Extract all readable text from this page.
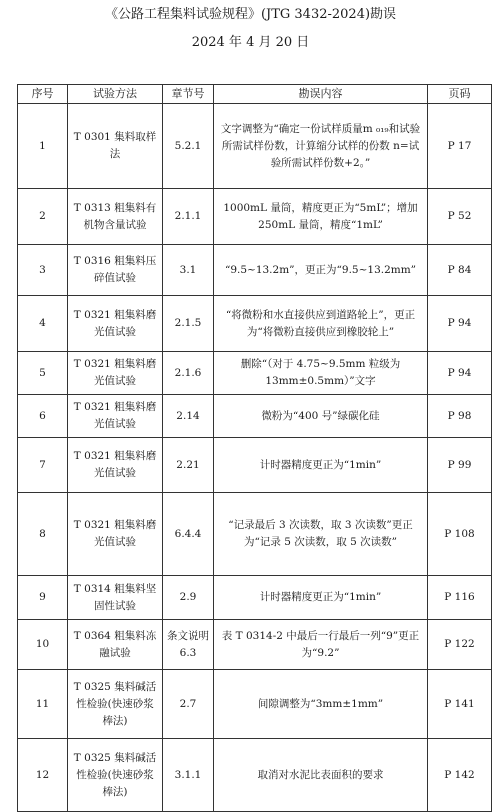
《公路工程集料试验规程》(JTG 3432-2024)勘误
2024 年 4 月 20 日
序号	试验方法	章节号	勘误内容	页码
1	T 0301 集料取样法	5.2.1	文字调整为“确定一份试样质量m ₀₁₉和试验所需试样份数，计算缩分试样的份数 n=试验所需试样份数+2。”	P 17
2	T 0313 粗集料有机物含量试验	2.1.1	1000mL 量筒，精度更正为“5mL”；增加 250mL 量筒，精度“1mL”	P 52
3	T 0316 粗集料压碎值试验	3.1	“9.5~13.2m”，更正为“9.5~13.2mm”	P 84
4	T 0321 粗集料磨光值试验	2.1.5	“将微粉和水直接供应到道路轮上”，更正为“将微粉直接供应到橡胶轮上”	P 94
5	T 0321 粗集料磨光值试验	2.1.6	删除“（对于 4.75~9.5mm 粒级为 13mm±0.5mm）”文字	P 94
6	T 0321 粗集料磨光值试验	2.14	微粉为“400 号”绿碳化硅	P 98
7	T 0321 粗集料磨光值试验	2.21	计时器精度更正为“1min”	P 99
8	T 0321 粗集料磨光值试验	6.4.4	“记录最后 3 次读数，取 3 次读数”更正为“记录 5 次读数，取 5 次读数”	P 108
9	T 0314 粗集料坚固性试验	2.9	计时器精度更正为“1min”	P 116
10	T 0364 粗集料冻融试验	条文说明 6.3	表 T 0314-2 中最后一行最后一列“9”更正为“9.2”	P 122
11	T 0325 集料碱活性检验(快速砂浆棒法)	2.7	间隙调整为“3mm±1mm”	P 141
12	T 0325 集料碱活性检验(快速砂浆棒法)	3.1.1	取消对水泥比表面积的要求	P 142
